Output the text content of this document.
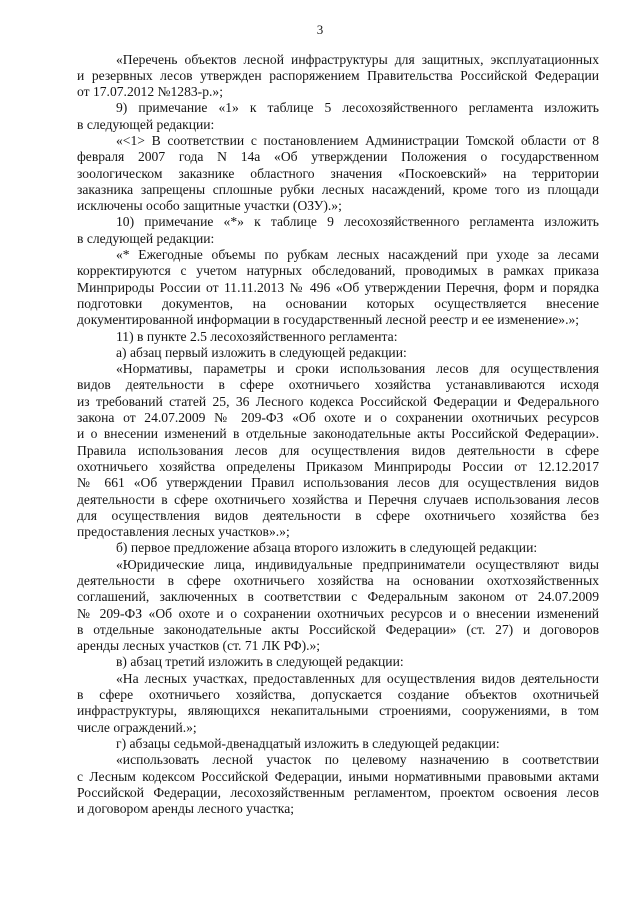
3
«Перечень объектов лесной инфраструктуры для защитных, эксплуатационных
и резервных лесов утвержден распоряжением Правительства Российской Федерации
от 17.07.2012 №1283-р.»;
9) примечание «1» к таблице 5 лесохозяйственного регламента изложить
в следующей редакции:
«<1> В соответствии с постановлением Администрации Томской области от 8
февраля 2007 года N 14а «Об утверждении Положения о государственном
зоологическом заказнике областного значения «Поскоевский» на территории
заказника запрещены сплошные рубки лесных насаждений, кроме того из площади
исключены особо защитные участки (ОЗУ).»;
10) примечание «*» к таблице 9 лесохозяйственного регламента изложить
в следующей редакции:
«* Ежегодные объемы по рубкам лесных насаждений при уходе за лесами
корректируются с учетом натурных обследований, проводимых в рамках приказа
Минприроды России от 11.11.2013 № 496 «Об утверждении Перечня, форм и порядка
подготовки документов, на основании которых осуществляется внесение
документированной информации в государственный лесной реестр и ее изменение».»;
11) в пункте 2.5 лесохозяйственного регламента:
а) абзац первый изложить в следующей редакции:
«Нормативы, параметры и сроки использования лесов для осуществления
видов деятельности в сфере охотничьего хозяйства устанавливаются исходя
из требований статей 25, 36 Лесного кодекса Российской Федерации и Федерального
закона от 24.07.2009 № 209-ФЗ «Об охоте и о сохранении охотничьих ресурсов
и о внесении изменений в отдельные законодательные акты Российской Федерации».
Правила использования лесов для осуществления видов деятельности в сфере
охотничьего хозяйства определены Приказом Минприроды России от 12.12.2017
№ 661 «Об утверждении Правил использования лесов для осуществления видов
деятельности в сфере охотничьего хозяйства и Перечня случаев использования лесов
для осуществления видов деятельности в сфере охотничьего хозяйства без
предоставления лесных участков».»;
б) первое предложение абзаца второго изложить в следующей редакции:
«Юридические лица, индивидуальные предприниматели осуществляют виды
деятельности в сфере охотничьего хозяйства на основании охотхозяйственных
соглашений, заключенных в соответствии с Федеральным законом от 24.07.2009
№ 209-ФЗ «Об охоте и о сохранении охотничьих ресурсов и о внесении изменений
в отдельные законодательные акты Российской Федерации» (ст. 27) и договоров
аренды лесных участков (ст. 71 ЛК РФ).»;
в) абзац третий изложить в следующей редакции:
«На лесных участках, предоставленных для осуществления видов деятельности
в сфере охотничьего хозяйства, допускается создание объектов охотничьей
инфраструктуры, являющихся некапитальными строениями, сооружениями, в том
числе ограждений.»;
г) абзацы седьмой-двенадцатый изложить в следующей редакции:
«использовать лесной участок по целевому назначению в соответствии
с Лесным кодексом Российской Федерации, иными нормативными правовыми актами
Российской Федерации, лесохозяйственным регламентом, проектом освоения лесов
и договором аренды лесного участка;
